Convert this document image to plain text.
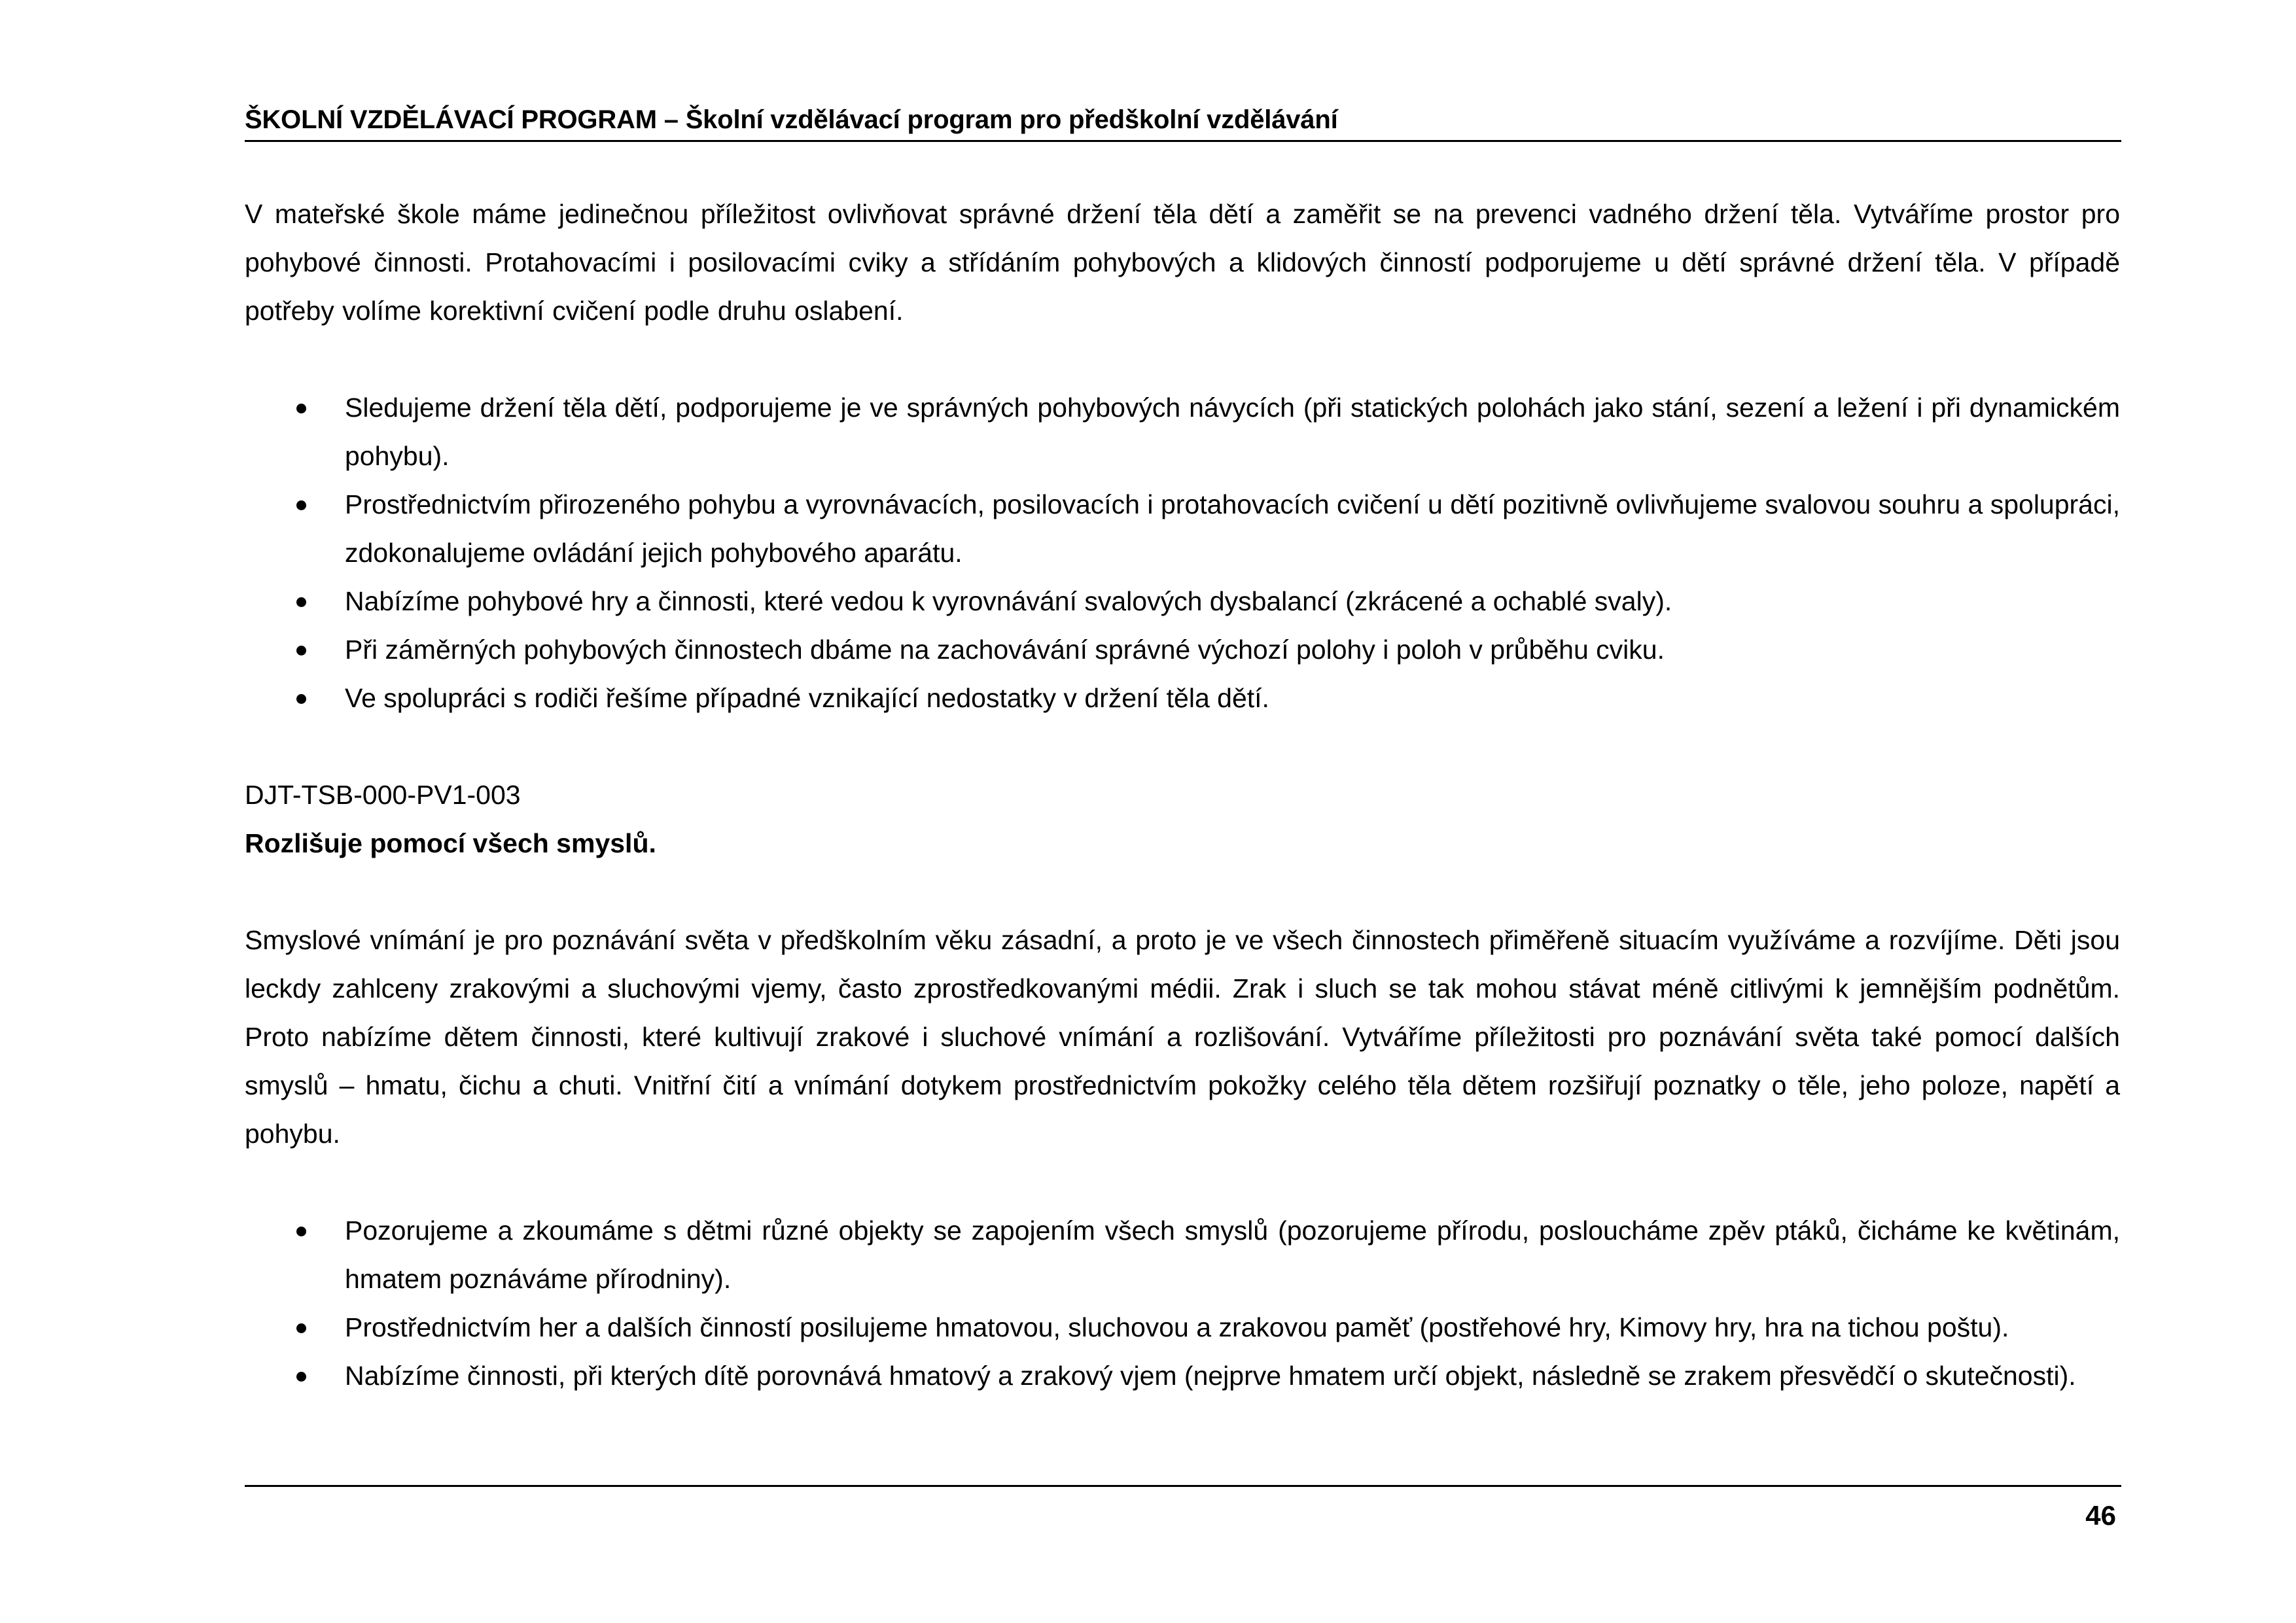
ŠKOLNÍ VZDĚLÁVACÍ PROGRAM – Školní vzdělávací program pro předškolní vzdělávání

V mateřské škole máme jedinečnou příležitost ovlivňovat správné držení těla dětí a zaměřit se na prevenci vadného držení těla. Vytváříme prostor pro pohybové činnosti. Protahovacími i posilovacími cviky a střídáním pohybových a klidových činností podporujeme u dětí správné držení těla. V případě potřeby volíme korektivní cvičení podle druhu oslabení.

Sledujeme držení těla dětí, podporujeme je ve správných pohybových návycích (při statických polohách jako stání, sezení a ležení i při dynamickém pohybu).
Prostřednictvím přirozeného pohybu a vyrovnávacích, posilovacích i protahovacích cvičení u dětí pozitivně ovlivňujeme svalovou souhru a spolupráci, zdokonalujeme ovládání jejich pohybového aparátu.
Nabízíme pohybové hry a činnosti, které vedou k vyrovnávání svalových dysbalancí (zkrácené a ochablé svaly).
Při záměrných pohybových činnostech dbáme na zachovávání správné výchozí polohy i poloh v průběhu cviku.
Ve spolupráci s rodiči řešíme případné vznikající nedostatky v držení těla dětí.

DJT-TSB-000-PV1-003

Rozlišuje pomocí všech smyslů.

Smyslové vnímání je pro poznávání světa v předškolním věku zásadní, a proto je ve všech činnostech přiměřeně situacím využíváme a rozvíjíme. Děti jsou leckdy zahlceny zrakovými a sluchovými vjemy, často zprostředkovanými médii. Zrak i sluch se tak mohou stávat méně citlivými k jemnějším podnětům. Proto nabízíme dětem činnosti, které kultivují zrakové i sluchové vnímání a rozlišování. Vytváříme příležitosti pro poznávání světa také pomocí dalších smyslů – hmatu, čichu a chuti. Vnitřní čití a vnímání dotykem prostřednictvím pokožky celého těla dětem rozšiřují poznatky o těle, jeho poloze, napětí a pohybu.

Pozorujeme a zkoumáme s dětmi různé objekty se zapojením všech smyslů (pozorujeme přírodu, posloucháme zpěv ptáků, čicháme ke květinám, hmatem poznáváme přírodniny).
Prostřednictvím her a dalších činností posilujeme hmatovou, sluchovou a zrakovou paměť (postřehové hry, Kimovy hry, hra na tichou poštu).
Nabízíme činnosti, při kterých dítě porovnává hmatový a zrakový vjem (nejprve hmatem určí objekt, následně se zrakem přesvědčí o skutečnosti).
46
